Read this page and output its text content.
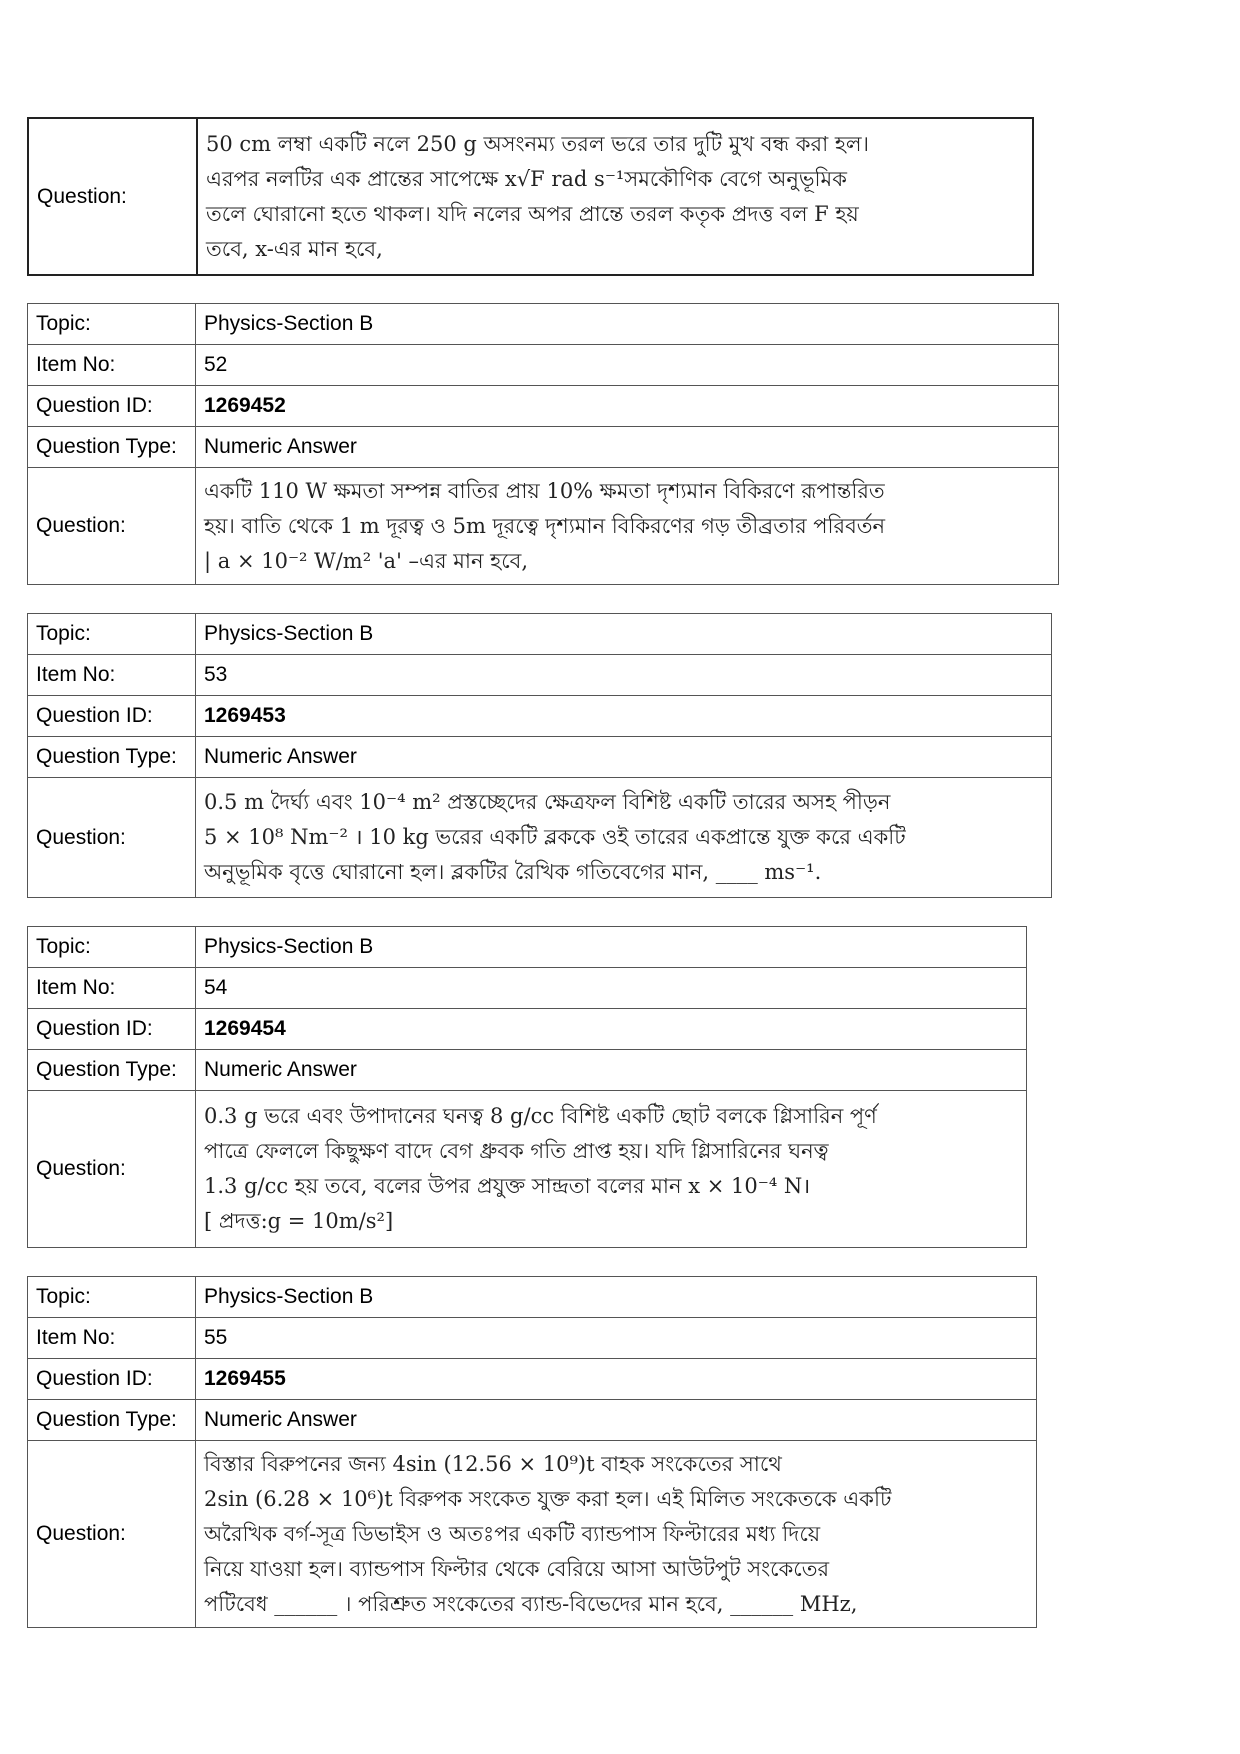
Question:	50 cm লম্বা একটি নলে 250 g অসংনম্য তরল ভরে তার দুটি মুখ বন্ধ করা হল।
এরপর নলটির এক প্রান্তের সাপেক্ষে x√F rad s⁻¹সমকৌণিক বেগে অনুভূমিক
তলে ঘোরানো হতে থাকল। যদি নলের অপর প্রান্তে তরল কতৃক প্রদত্ত বল F হয়
তবে, x-এর মান হবে,
Topic:	Physics-Section B
Item No:	52
Question ID:	1269452
Question Type:	Numeric Answer
Question:	একটি 110 W ক্ষমতা সম্পন্ন বাতির প্রায় 10% ক্ষমতা দৃশ্যমান বিকিরণে রূপান্তরিত
হয়। বাতি থেকে 1 m দূরত্ব ও 5m দূরত্বে দৃশ্যমান বিকিরণের গড় তীব্রতার পরিবর্তন
| a × 10⁻² W/m² 'a' –এর মান হবে,
Topic:	Physics-Section B
Item No:	53
Question ID:	1269453
Question Type:	Numeric Answer
Question:	0.5 m দৈর্ঘ্য এবং 10⁻⁴ m² প্রস্তচ্ছেদের ক্ষেত্রফল বিশিষ্ট একটি তারের অসহ পীড়ন
5 × 10⁸ Nm⁻² । 10 kg ভরের একটি ব্লককে ওই তারের একপ্রান্তে যুক্ত করে একটি
অনুভূমিক বৃত্তে ঘোরানো হল। ব্লকটির রৈখিক গতিবেগের মান, ____ ms⁻¹.
Topic:	Physics-Section B
Item No:	54
Question ID:	1269454
Question Type:	Numeric Answer
Question:	0.3 g ভরে এবং উপাদানের ঘনত্ব 8 g/cc বিশিষ্ট একটি ছোট বলকে গ্লিসারিন পূর্ণ
পাত্রে ফেললে কিছুক্ষণ বাদে বেগ ধ্রুবক গতি প্রাপ্ত হয়। যদি গ্লিসারিনের ঘনত্ব
1.3 g/cc হয় তবে, বলের উপর প্রযুক্ত সান্দ্রতা বলের মান x × 10⁻⁴ N।
[ প্রদত্ত:g = 10m/s²]
Topic:	Physics-Section B
Item No:	55
Question ID:	1269455
Question Type:	Numeric Answer
Question:	বিস্তার বিরুপনের জন্য 4sin (12.56 × 10⁹)t বাহক সংকেতের সাথে
2sin (6.28 × 10⁶)t বিরুপক সংকেত যুক্ত করা হল। এই মিলিত সংকেতকে একটি
অরৈখিক বর্গ-সূত্র ডিভাইস ও অতঃপর একটি ব্যান্ডপাস ফিল্টারের মধ্য দিয়ে
নিয়ে যাওয়া হল। ব্যান্ডপাস ফিল্টার থেকে বেরিয়ে আসা আউটপুট সংকেতের
পটিবেধ ______ । পরিশ্রুত সংকেতের ব্যান্ড-বিভেদের মান হবে, ______ MHz,
